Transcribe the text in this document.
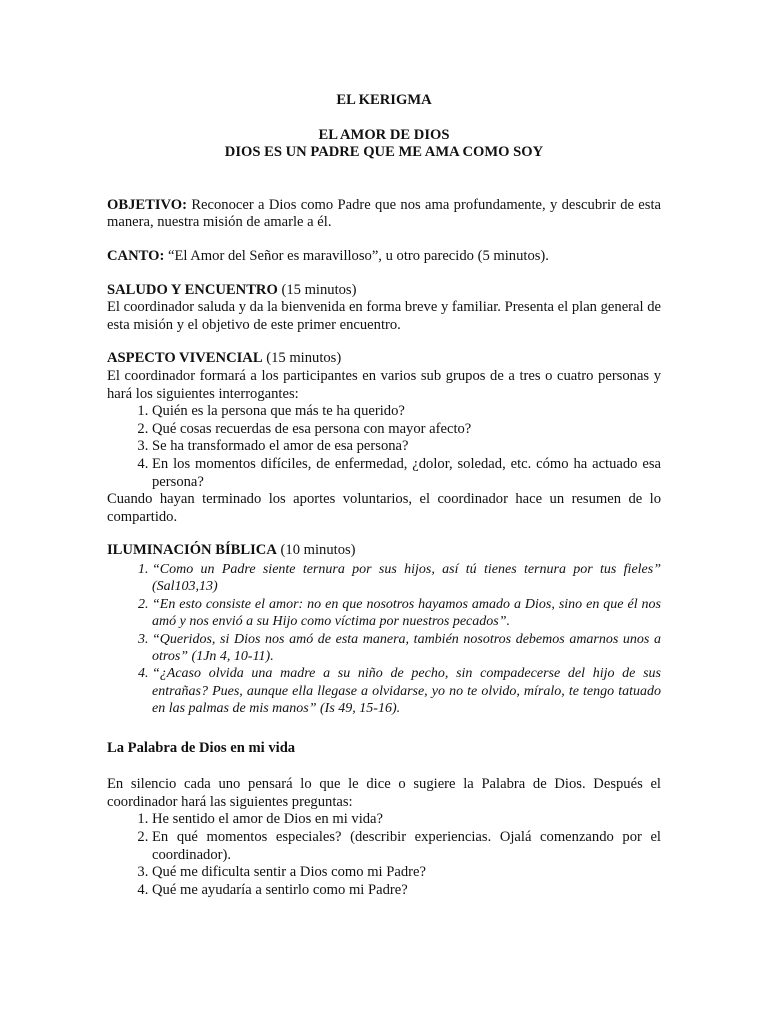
EL KERIGMA
EL AMOR DE DIOS
DIOS ES UN PADRE QUE ME AMA COMO SOY

OBJETIVO: Reconocer a Dios como Padre que nos ama profundamente, y descubrir de esta manera, nuestra misión de amarle a él.

CANTO: “El Amor del Señor es maravilloso”, u otro parecido (5 minutos).

SALUDO Y ENCUENTRO (15 minutos)

El coordinador saluda y da la bienvenida en forma breve y familiar. Presenta el plan general de esta misión y el objetivo de este primer encuentro.

ASPECTO VIVENCIAL (15 minutos)

El coordinador formará a los participantes en varios sub grupos de a tres o cuatro personas y hará los siguientes interrogantes:

1. Quién es la persona que más te ha querido?
2. Qué cosas recuerdas de esa persona con mayor afecto?
3. Se ha transformado el amor de esa persona?
4. En los momentos difíciles, de enfermedad, ¿dolor, soledad, etc. cómo ha actuado esa persona?

Cuando hayan terminado los aportes voluntarios, el coordinador hace un resumen de lo compartido.

ILUMINACIÓN BÍBLICA (10 minutos)

1. “Como un Padre siente ternura por sus hijos, así tú tienes ternura por tus fieles” (Sal103,13)
2. “En esto consiste el amor: no en que nosotros hayamos amado a Dios, sino en que él nos amó y nos envió a su Hijo como víctima por nuestros pecados”.
3. “Queridos, si Dios nos amó de esta manera, también nosotros debemos amarnos unos a otros” (1Jn 4, 10-11).
4. “¿Acaso olvida una madre a su niño de pecho, sin compadecerse del hijo de sus entrañas? Pues, aunque ella llegase a olvidarse, yo no te olvido, míralo, te tengo tatuado en las palmas de mis manos” (Is 49, 15-16).

La Palabra de Dios en mi vida

En silencio cada uno pensará lo que le dice o sugiere la Palabra de Dios. Después el coordinador hará las siguientes preguntas:

1. He sentido el amor de Dios en mi vida?
2. En qué momentos especiales? (describir experiencias. Ojalá comenzando por el coordinador).
3. Qué me dificulta sentir a Dios como mi Padre?
4. Qué me ayudaría a sentirlo como mi Padre?
